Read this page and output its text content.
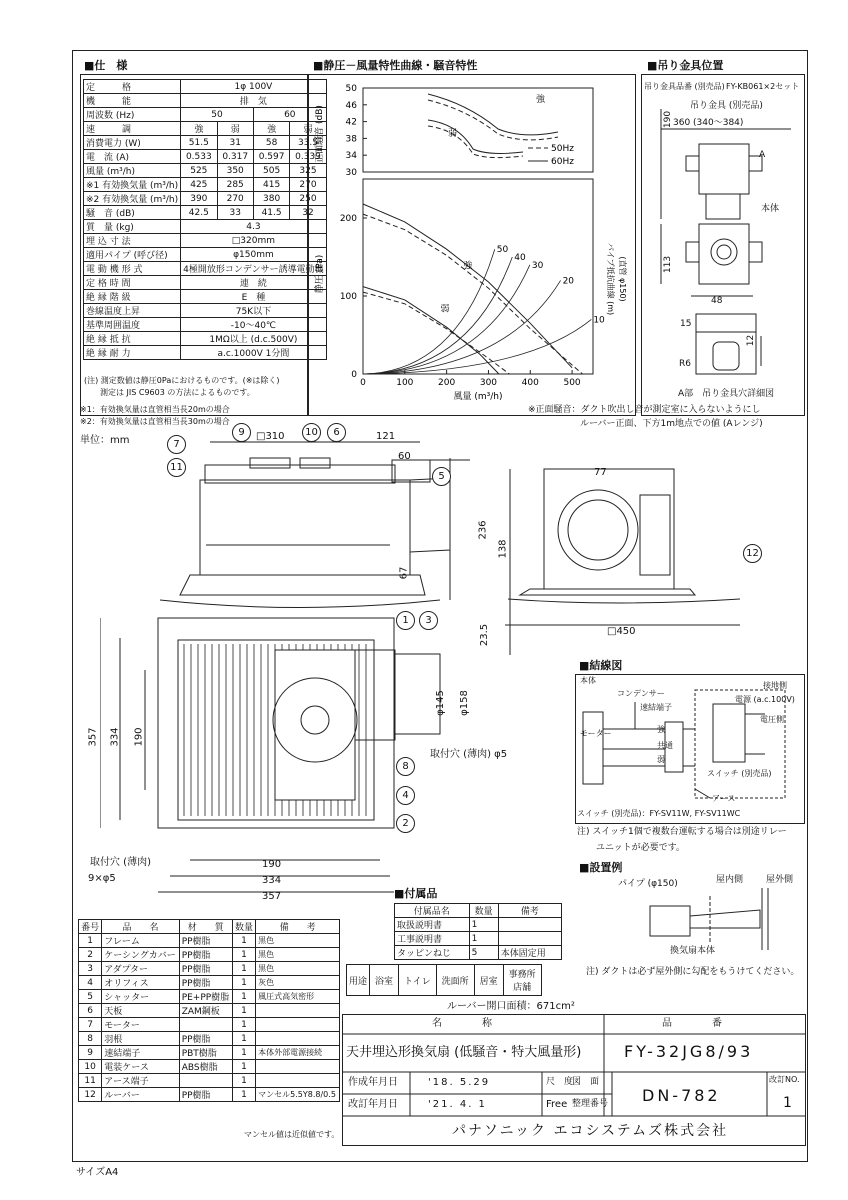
■仕　様
定　　　格	1φ 100V			
機　　　能	排　気			
周波数 (Hz)	50		60	
速　　　調	強	弱	強	弱
消費電力 (W)	51.5	31	58	33.5
電　流 (A)	0.533	0.317	0.597	0.339
風量 (m³/h)	525	350	505	325
※1 有効換気量 (m³/h)	425	285	415	270
※2 有効換気量 (m³/h)	390	270	380	250
騒　音 (dB)	42.5	33	41.5	32
質　量 (kg)	4.3			
埋 込 寸 法	□320mm			
適用パイプ (呼び径)	φ150mm			
電 動 機 形 式	4極開放形コンデンサー誘導電動機			
定 格 時 間	連　続			
絶 縁 階 級	E　種			
巻線温度上昇	75K以下			
基準周囲温度	-10〜40℃			
絶 縁 抵 抗	1MΩ以上 (d.c.500V)			
絶 縁 耐 力	a.c.1000V 1分間			
(注) 測定数値は静圧0Paにおけるものです。(※は除く)
測定は JIS C9603 の方法によるものです。
※1：有効換気量は直管相当長20mの場合
※2：有効換気量は直管相当長30mの場合
■静圧－風量特性曲線・騒音特性
50
46
42
38
34
30
正面騒音 (dB)
強
弱
50Hz
60Hz
0	100	200	300	400	500
200
100
0
静圧 (Pa)
風量 (m³/h)
パイプ抵抗曲線 (m) (直管 φ150)
50
40
30
20
10
強
弱
■吊り金具位置
吊り金具品番 (別売品) FY-KB061×2セット
吊り金具 (別売品)
360 (340〜384)
190
113
48
15
12
R6
A
本体
A部　吊り金具穴詳細図
※正面騒音：ダクト吹出し音が測定室に入らないようにし
ルーバー正面、下方1m地点での値 (Aレンジ)
単位：mm	□310	121
60
67
77
236
138
23.5	□450
357 334 190
φ145 φ158
取付穴 (薄肉) φ5
取付穴 (薄肉)
9×φ5
190
334
357
1
2
3
4
5
6
7
8
9	10
11
12
■結線図
本体
コンデンサー
速結端子
モーター	強
共通
弱
接地側
電源 (a.c.100V)
電圧側
スイッチ (別売品)
アース
スイッチ (別売品)：FY-SV11W, FY-SV11WC
注) スイッチ1個で複数台運転する場合は別途リレー
ユニットが必要です。
■設置例
パイプ (φ150)	屋内側	屋外側
換気扇本体
注) ダクトは必ず屋外側に勾配をもうけてください。
■付属品
付属品名	数量	備考
取扱説明書	1	
工事説明書	1	
タッピンねじ	5	本体固定用
用途	浴室	トイレ	洗面所	居室	事務所
店舗
ルーバー開口面積：671cm²
番号	品　　名	材　　質	数量	備　　考
1	フレーム	PP樹脂	1	黒色
2	ケーシングカバー	PP樹脂	1	黒色
3	アダプター	PP樹脂	1	黒色
4	オリフィス	PP樹脂	1	灰色
5	シャッター	PE+PP樹脂	1	風圧式高気密形
6	天板	ZAM鋼板	1	
7	モーター		1	
8	羽根	PP樹脂	1	
9	速結端子	PBT樹脂	1	本体外部電源接続
10	電装ケース	ABS樹脂	1	
11	アース端子		1	
12	ルーバー	PP樹脂	1	マンセル5.5Y8.8/0.5
マンセル値は近似値です。
名　　　　称	品　　　　番
天井埋込形換気扇 (低騒音・特大風量形)	FY-32JG8/93
作成年月日	'18. 5.29	尺　度
図　面
改訂年月日	'21. 4. 1	Free 整理番号 DN-782
改訂NO.
1
パナソニック エコシステムズ株式会社
サイズA4
